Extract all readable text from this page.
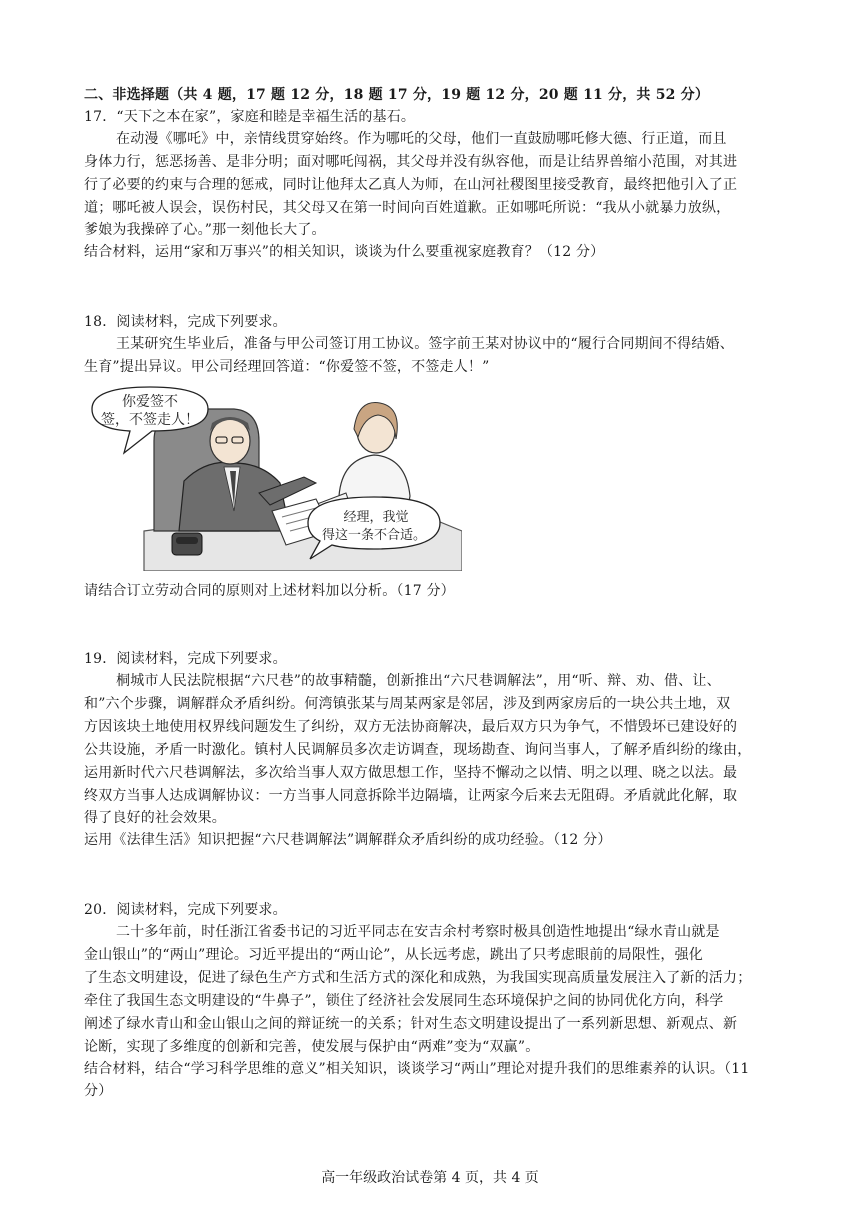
二、非选择题（共 4 题，17 题 12 分，18 题 17 分，19 题 12 分，20 题 11 分，共 52 分）
17．“天下之本在家”，家庭和睦是幸福生活的基石。
在动漫《哪吒》中，亲情线贯穿始终。作为哪吒的父母，他们一直鼓励哪吒修大德、行正道，而且
身体力行，惩恶扬善、是非分明；面对哪吒闯祸，其父母并没有纵容他，而是让结界兽缩小范围，对其进
行了必要的约束与合理的惩戒，同时让他拜太乙真人为师，在山河社稷图里接受教育，最终把他引入了正
道；哪吒被人误会，误伤村民，其父母又在第一时间向百姓道歉。正如哪吒所说：“我从小就暴力放纵，
爹娘为我操碎了心。”那一刻他长大了。
结合材料，运用“家和万事兴”的相关知识，谈谈为什么要重视家庭教育？（12 分）
18．阅读材料，完成下列要求。
王某研究生毕业后，准备与甲公司签订用工协议。签字前王某对协议中的“履行合同期间不得结婚、
生育”提出异议。甲公司经理回答道：“你爱签不签，不签走人！”
你爱签不
签，不签走人！
经理，我觉
得这一条不合适。
请结合订立劳动合同的原则对上述材料加以分析。（17 分）
19．阅读材料，完成下列要求。
桐城市人民法院根据“六尺巷”的故事精髓，创新推出“六尺巷调解法”，用“听、辩、劝、借、让、
和”六个步骤，调解群众矛盾纠纷。何湾镇张某与周某两家是邻居，涉及到两家房后的一块公共土地，双
方因该块土地使用权界线问题发生了纠纷，双方无法协商解决，最后双方只为争气，不惜毁坏已建设好的
公共设施，矛盾一时激化。镇村人民调解员多次走访调查，现场勘查、询问当事人，了解矛盾纠纷的缘由，
运用新时代六尺巷调解法，多次给当事人双方做思想工作，坚持不懈动之以情、明之以理、晓之以法。最
终双方当事人达成调解协议：一方当事人同意拆除半边隔墙，让两家今后来去无阻碍。矛盾就此化解，取
得了良好的社会效果。
运用《法律生活》知识把握“六尺巷调解法”调解群众矛盾纠纷的成功经验。（12 分）
20．阅读材料，完成下列要求。
二十多年前，时任浙江省委书记的习近平同志在安吉余村考察时极具创造性地提出“绿水青山就是
金山银山”的“两山”理论。习近平提出的“两山论”，从长远考虑，跳出了只考虑眼前的局限性，强化
了生态文明建设，促进了绿色生产方式和生活方式的深化和成熟，为我国实现高质量发展注入了新的活力；
牵住了我国生态文明建设的“牛鼻子”，锁住了经济社会发展同生态环境保护之间的协同优化方向，科学
阐述了绿水青山和金山银山之间的辩证统一的关系；针对生态文明建设提出了一系列新思想、新观点、新
论断，实现了多维度的创新和完善，使发展与保护由“两难”变为“双赢”。
结合材料，结合“学习科学思维的意义”相关知识，谈谈学习“两山”理论对提升我们的思维素养的认识。（11
分）
高一年级政治试卷第 4 页，共 4 页
